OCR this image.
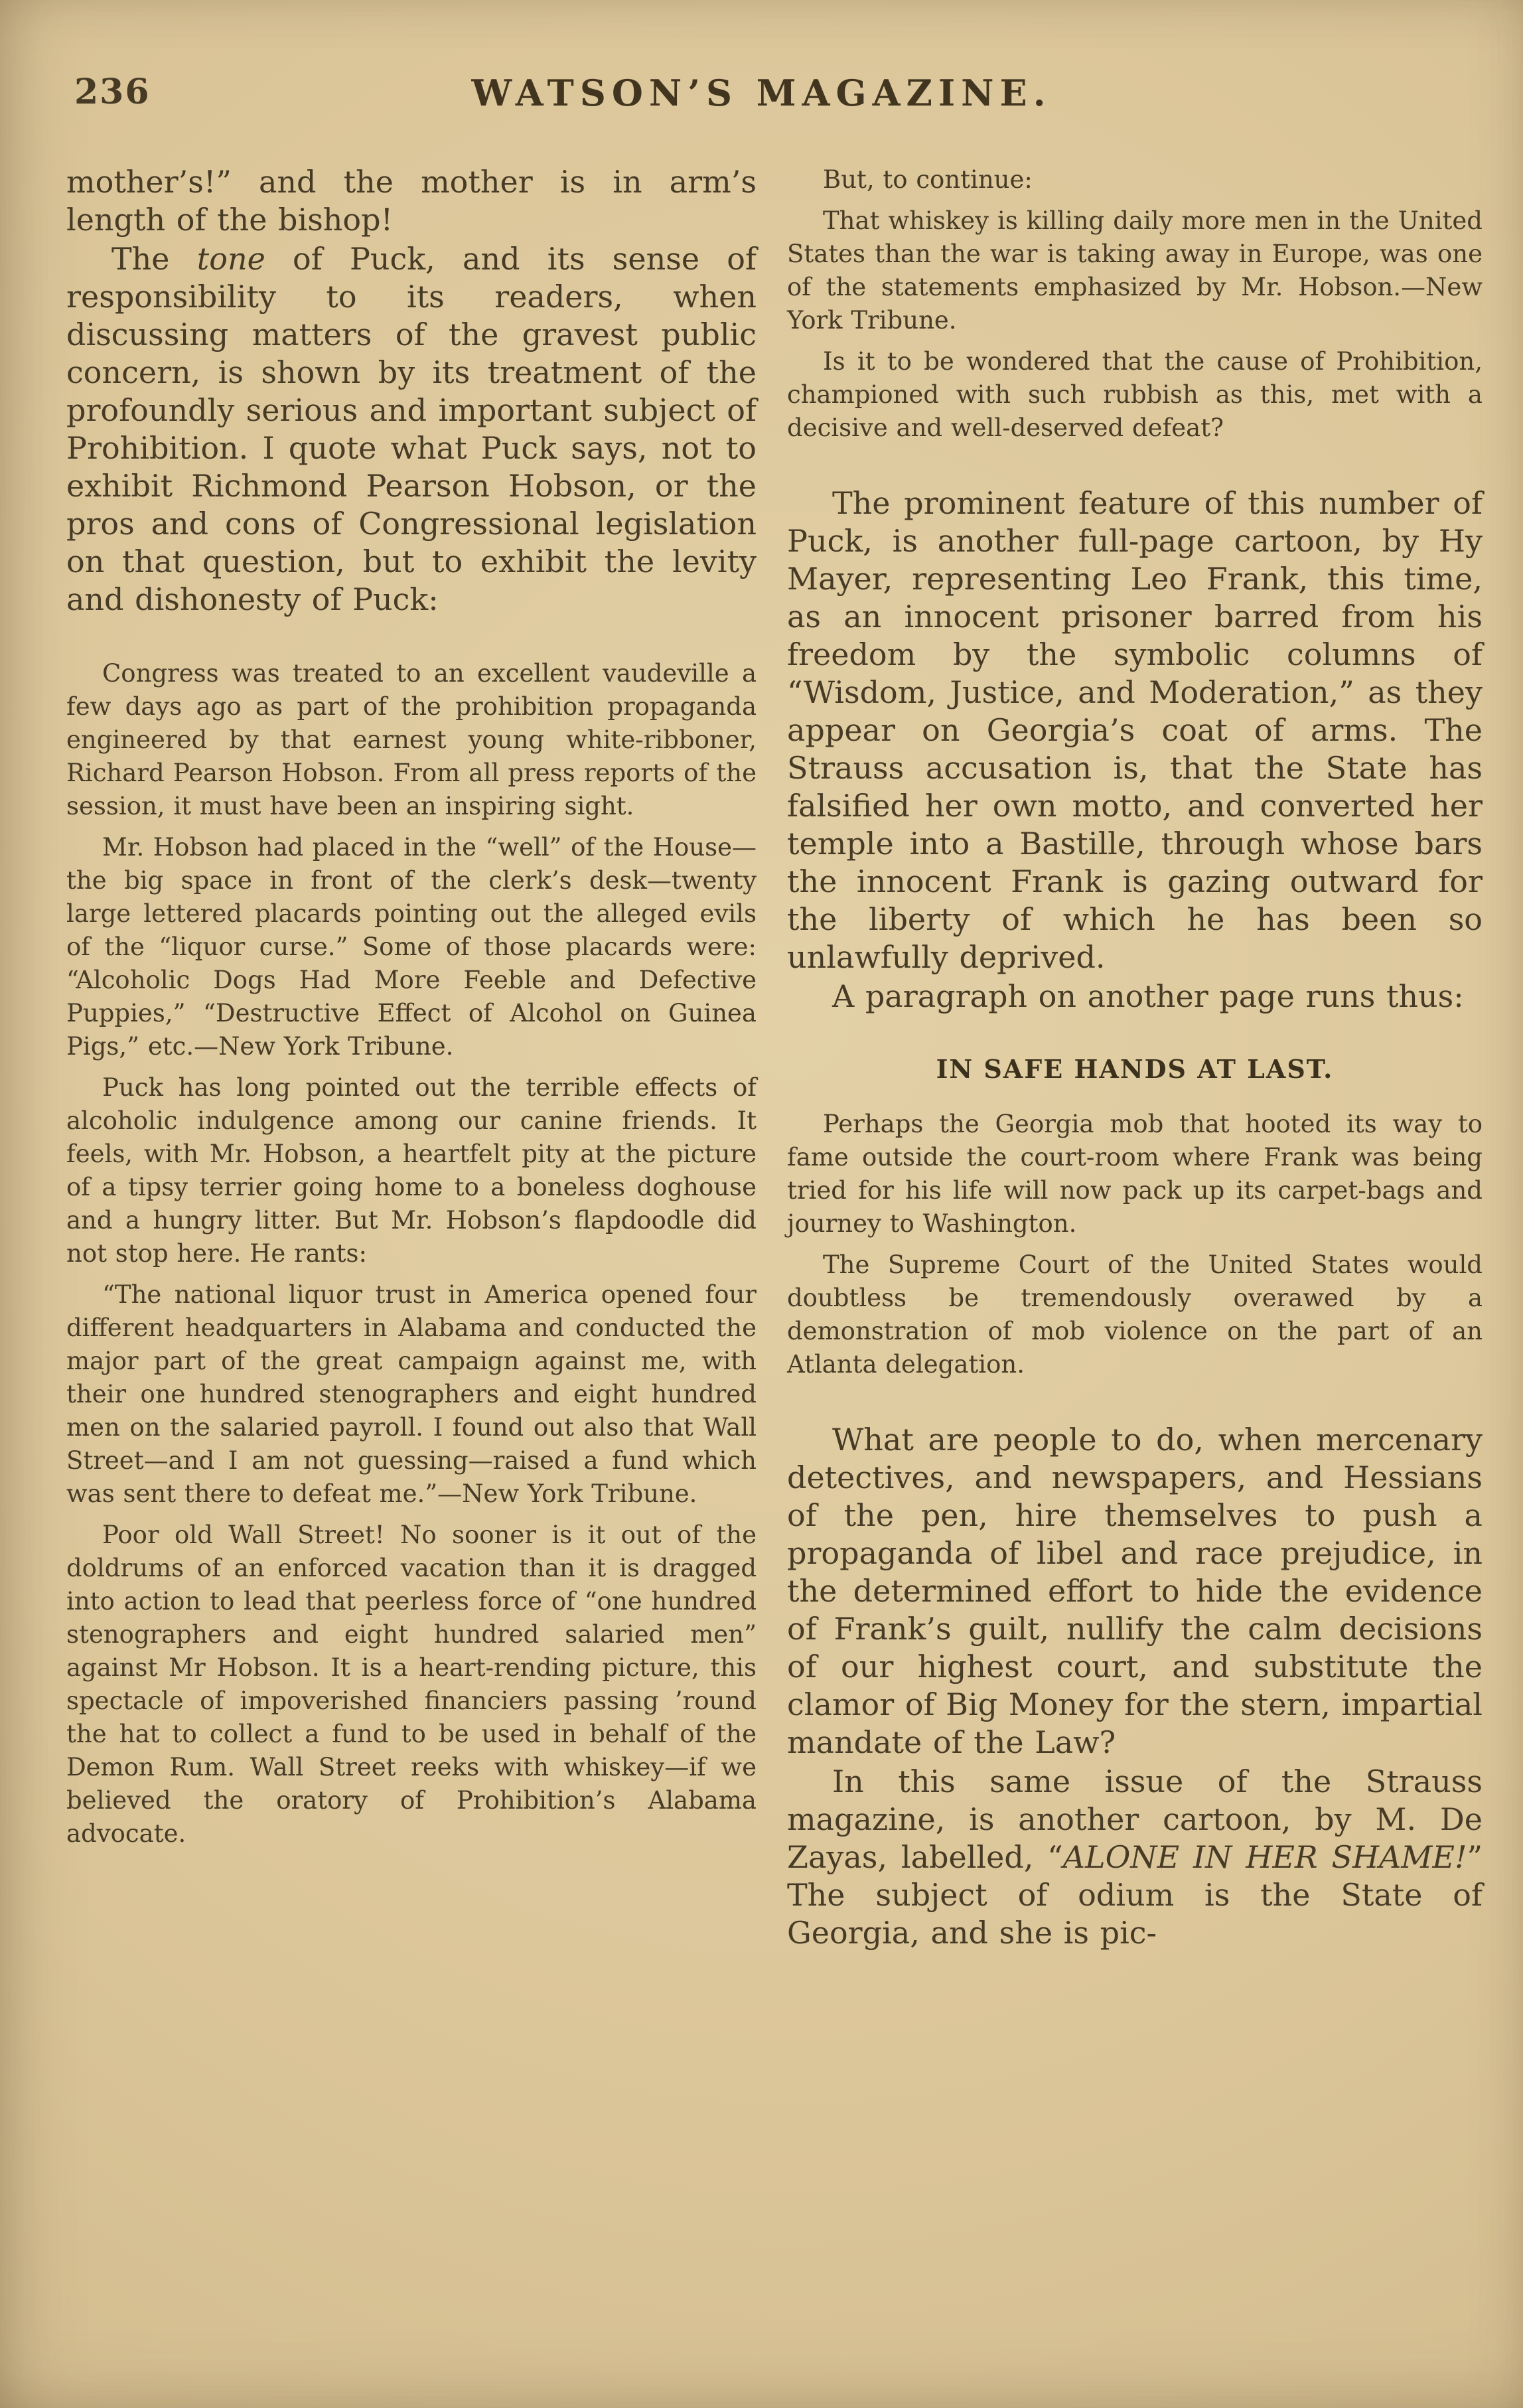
236	WATSON’S MAGAZINE.

mother’s!” and the mother is in arm’s length of the bishop!

The tone of Puck, and its sense of responsibility to its readers, when discussing matters of the gravest public concern, is shown by its treatment of the profoundly serious and important subject of Prohibition. I quote what Puck says, not to exhibit Richmond Pearson Hobson, or the pros and cons of Congressional legislation on that question, but to exhibit the levity and dishonesty of Puck:

Congress was treated to an excellent vaudeville a few days ago as part of the prohibition propaganda engineered by that earnest young white-ribboner, Richard Pearson Hobson. From all press reports of the session, it must have been an inspiring sight.

Mr. Hobson had placed in the “well” of the House—the big space in front of the clerk’s desk—twenty large lettered placards pointing out the alleged evils of the “liquor curse.” Some of those placards were: “Alcoholic Dogs Had More Feeble and Defective Puppies,” “Destructive Effect of Alcohol on Guinea Pigs,” etc.—New York Tribune.

Puck has long pointed out the terrible effects of alcoholic indulgence among our canine friends. It feels, with Mr. Hobson, a heartfelt pity at the picture of a tipsy terrier going home to a boneless doghouse and a hungry litter. But Mr. Hobson’s flapdoodle did not stop here. He rants:

“The national liquor trust in America opened four different headquarters in Alabama and conducted the major part of the great campaign against me, with their one hundred stenographers and eight hundred men on the salaried payroll. I found out also that Wall Street—and I am not guessing—raised a fund which was sent there to defeat me.”—New York Tribune.

Poor old Wall Street! No sooner is it out of the doldrums of an enforced vacation than it is dragged into action to lead that peerless force of “one hundred stenographers and eight hundred salaried men” against Mr Hobson. It is a heart-rending picture, this spectacle of impoverished financiers passing ’round the hat to collect a fund to be used in behalf of the Demon Rum. Wall Street reeks with whiskey—if we believed the oratory of Prohibition’s Alabama advocate.

But, to continue:

That whiskey is killing daily more men in the United States than the war is taking away in Europe, was one of the statements emphasized by Mr. Hobson.—New York Tribune.

Is it to be wondered that the cause of Prohibition, championed with such rubbish as this, met with a decisive and well-deserved defeat?

The prominent feature of this number of Puck, is another full-page cartoon, by Hy Mayer, representing Leo Frank, this time, as an innocent prisoner barred from his freedom by the symbolic columns of “Wisdom, Justice, and Moderation,” as they appear on Georgia’s coat of arms. The Strauss accusation is, that the State has falsified her own motto, and converted her temple into a Bastille, through whose bars the innocent Frank is gazing outward for the liberty of which he has been so unlawfully deprived.

A paragraph on another page runs thus:

IN SAFE HANDS AT LAST.

Perhaps the Georgia mob that hooted its way to fame outside the court-room where Frank was being tried for his life will now pack up its carpet-bags and journey to Washington.

The Supreme Court of the United States would doubtless be tremendously overawed by a demonstration of mob violence on the part of an Atlanta delegation.

What are people to do, when mercenary detectives, and newspapers, and Hessians of the pen, hire themselves to push a propaganda of libel and race prejudice, in the determined effort to hide the evidence of Frank’s guilt, nullify the calm decisions of our highest court, and substitute the clamor of Big Money for the stern, impartial mandate of the Law?

In this same issue of the Strauss magazine, is another cartoon, by M. De Zayas, labelled, “ALONE IN HER SHAME!” The subject of odium is the State of Georgia, and she is pic-
